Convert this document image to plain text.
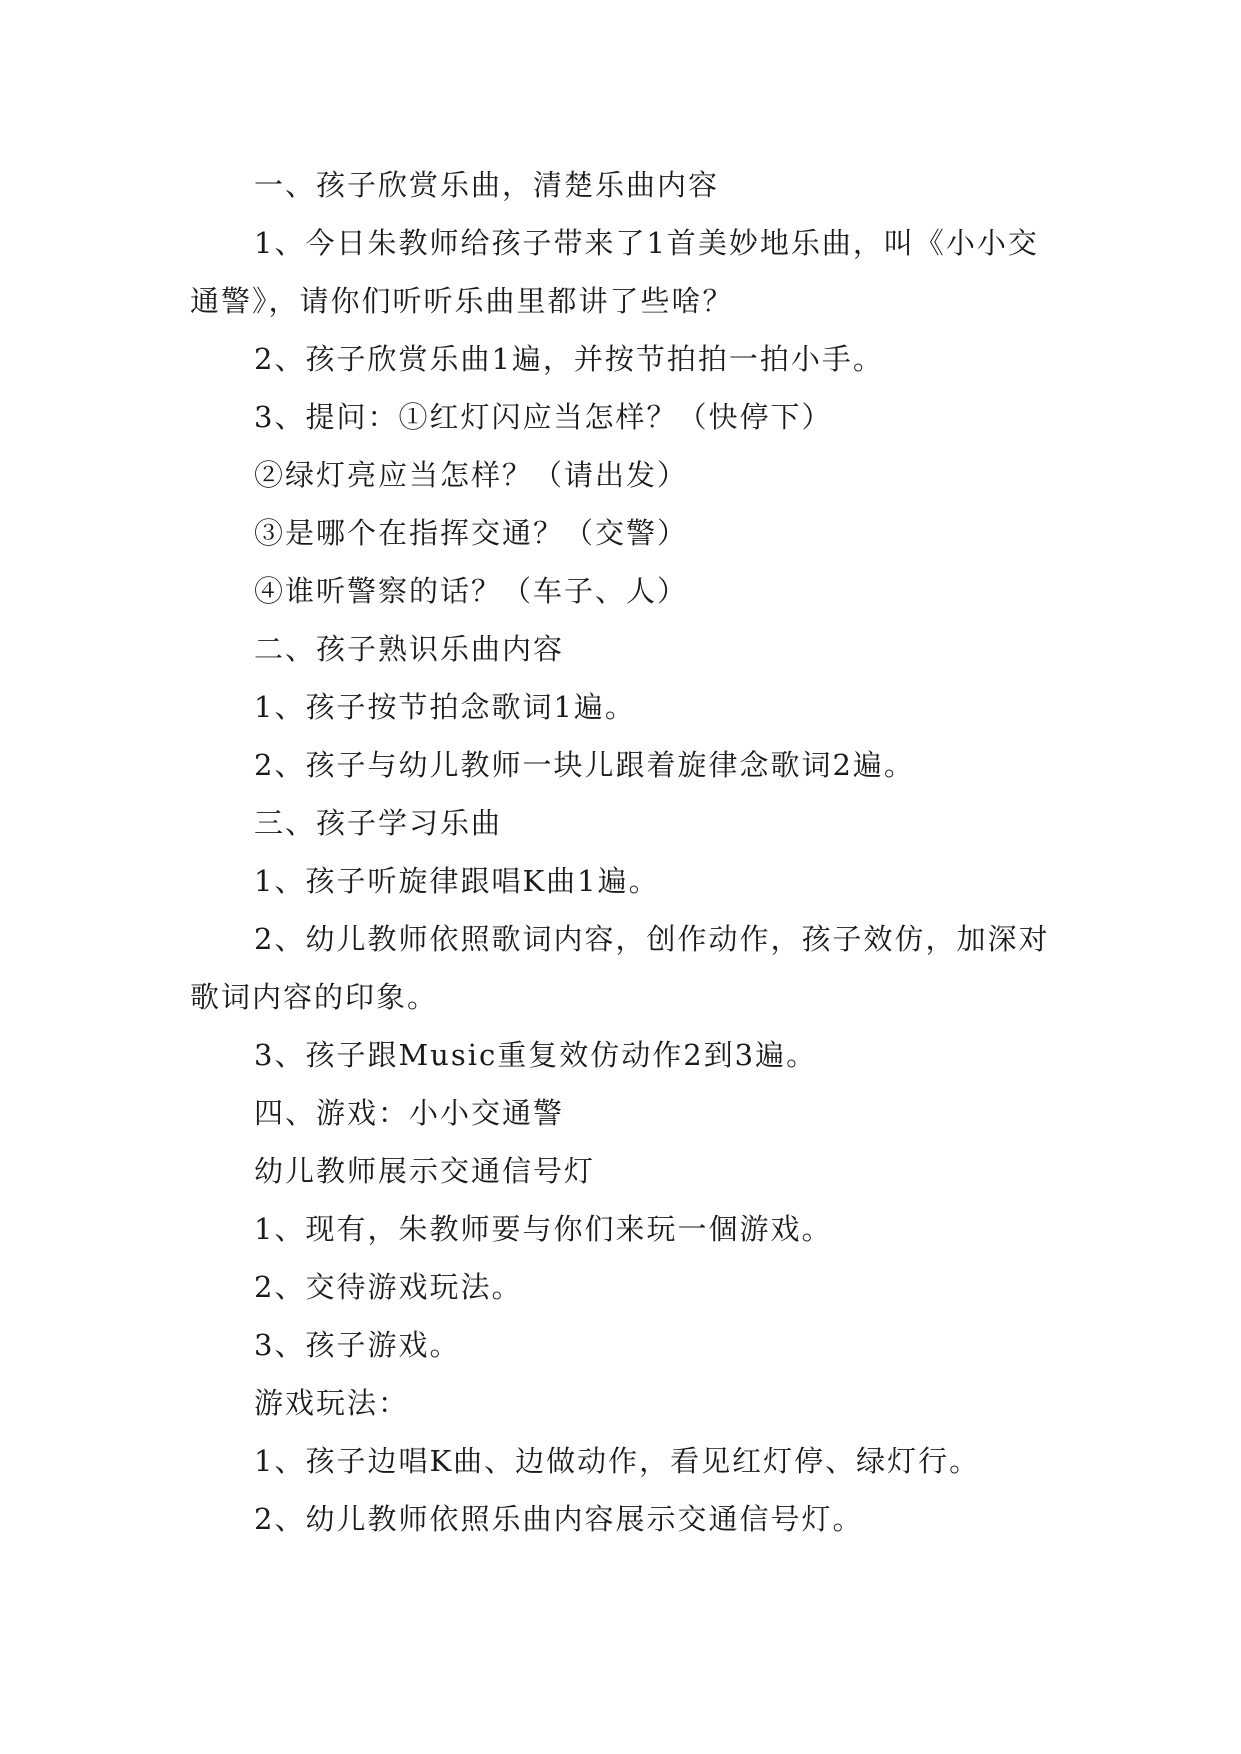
一、孩子欣赏乐曲，清楚乐曲内容

1、今日朱教师给孩子带来了1首美妙地乐曲，叫《小小交通警》，请你们听听乐曲里都讲了些啥？

2、孩子欣赏乐曲1遍，并按节拍拍一拍小手。

3、提问：①红灯闪应当怎样？（快停下）

②绿灯亮应当怎样？（请出发）

③是哪个在指挥交通？（交警）

④谁听警察的话？（车子、人）

二、孩子熟识乐曲内容

1、孩子按节拍念歌词1遍。

2、孩子与幼儿教师一块儿跟着旋律念歌词2遍。

三、孩子学习乐曲

1、孩子听旋律跟唱K曲1遍。

2、幼儿教师依照歌词内容，创作动作，孩子效仿，加深对歌词内容的印象。

3、孩子跟Music重复效仿动作2到3遍。

四、游戏：小小交通警

幼儿教师展示交通信号灯

1、现有，朱教师要与你们来玩一個游戏。

2、交待游戏玩法。

3、孩子游戏。

游戏玩法：

1、孩子边唱K曲、边做动作，看见红灯停、绿灯行。

2、幼儿教师依照乐曲内容展示交通信号灯。
